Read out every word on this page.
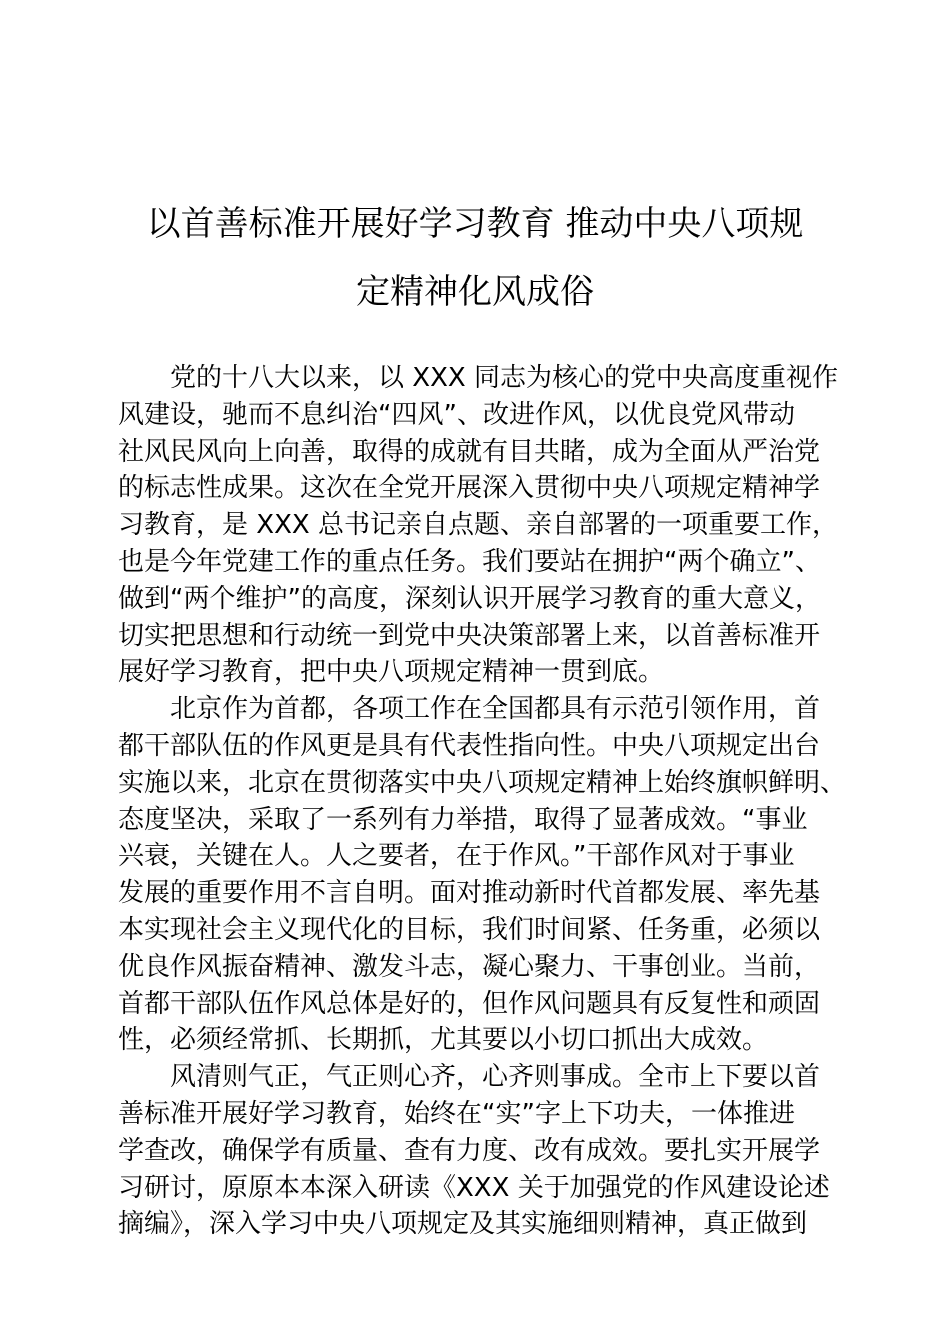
以首善标准开展好学习教育 推动中央八项规
定精神化风成俗
党的十八大以来，以 XXX 同志为核心的党中央高度重视作
风建设，驰而不息纠治“四风”、改进作风，以优良党风带动
社风民风向上向善，取得的成就有目共睹，成为全面从严治党
的标志性成果。这次在全党开展深入贯彻中央八项规定精神学
习教育，是 XXX 总书记亲自点题、亲自部署的一项重要工作，
也是今年党建工作的重点任务。我们要站在拥护“两个确立”、
做到“两个维护”的高度，深刻认识开展学习教育的重大意义，
切实把思想和行动统一到党中央决策部署上来，以首善标准开
展好学习教育，把中央八项规定精神一贯到底。
北京作为首都，各项工作在全国都具有示范引领作用，首
都干部队伍的作风更是具有代表性指向性。中央八项规定出台
实施以来，北京在贯彻落实中央八项规定精神上始终旗帜鲜明、
态度坚决，采取了一系列有力举措，取得了显著成效。“事业
兴衰，关键在人。人之要者，在于作风。”干部作风对于事业
发展的重要作用不言自明。面对推动新时代首都发展、率先基
本实现社会主义现代化的目标，我们时间紧、任务重，必须以
优良作风振奋精神、激发斗志，凝心聚力、干事创业。当前，
首都干部队伍作风总体是好的，但作风问题具有反复性和顽固
性，必须经常抓、长期抓，尤其要以小切口抓出大成效。
风清则气正，气正则心齐，心齐则事成。全市上下要以首
善标准开展好学习教育，始终在“实”字上下功夫，一体推进
学查改，确保学有质量、查有力度、改有成效。要扎实开展学
习研讨，原原本本深入研读《XXX 关于加强党的作风建设论述
摘编》，深入学习中央八项规定及其实施细则精神，真正做到
